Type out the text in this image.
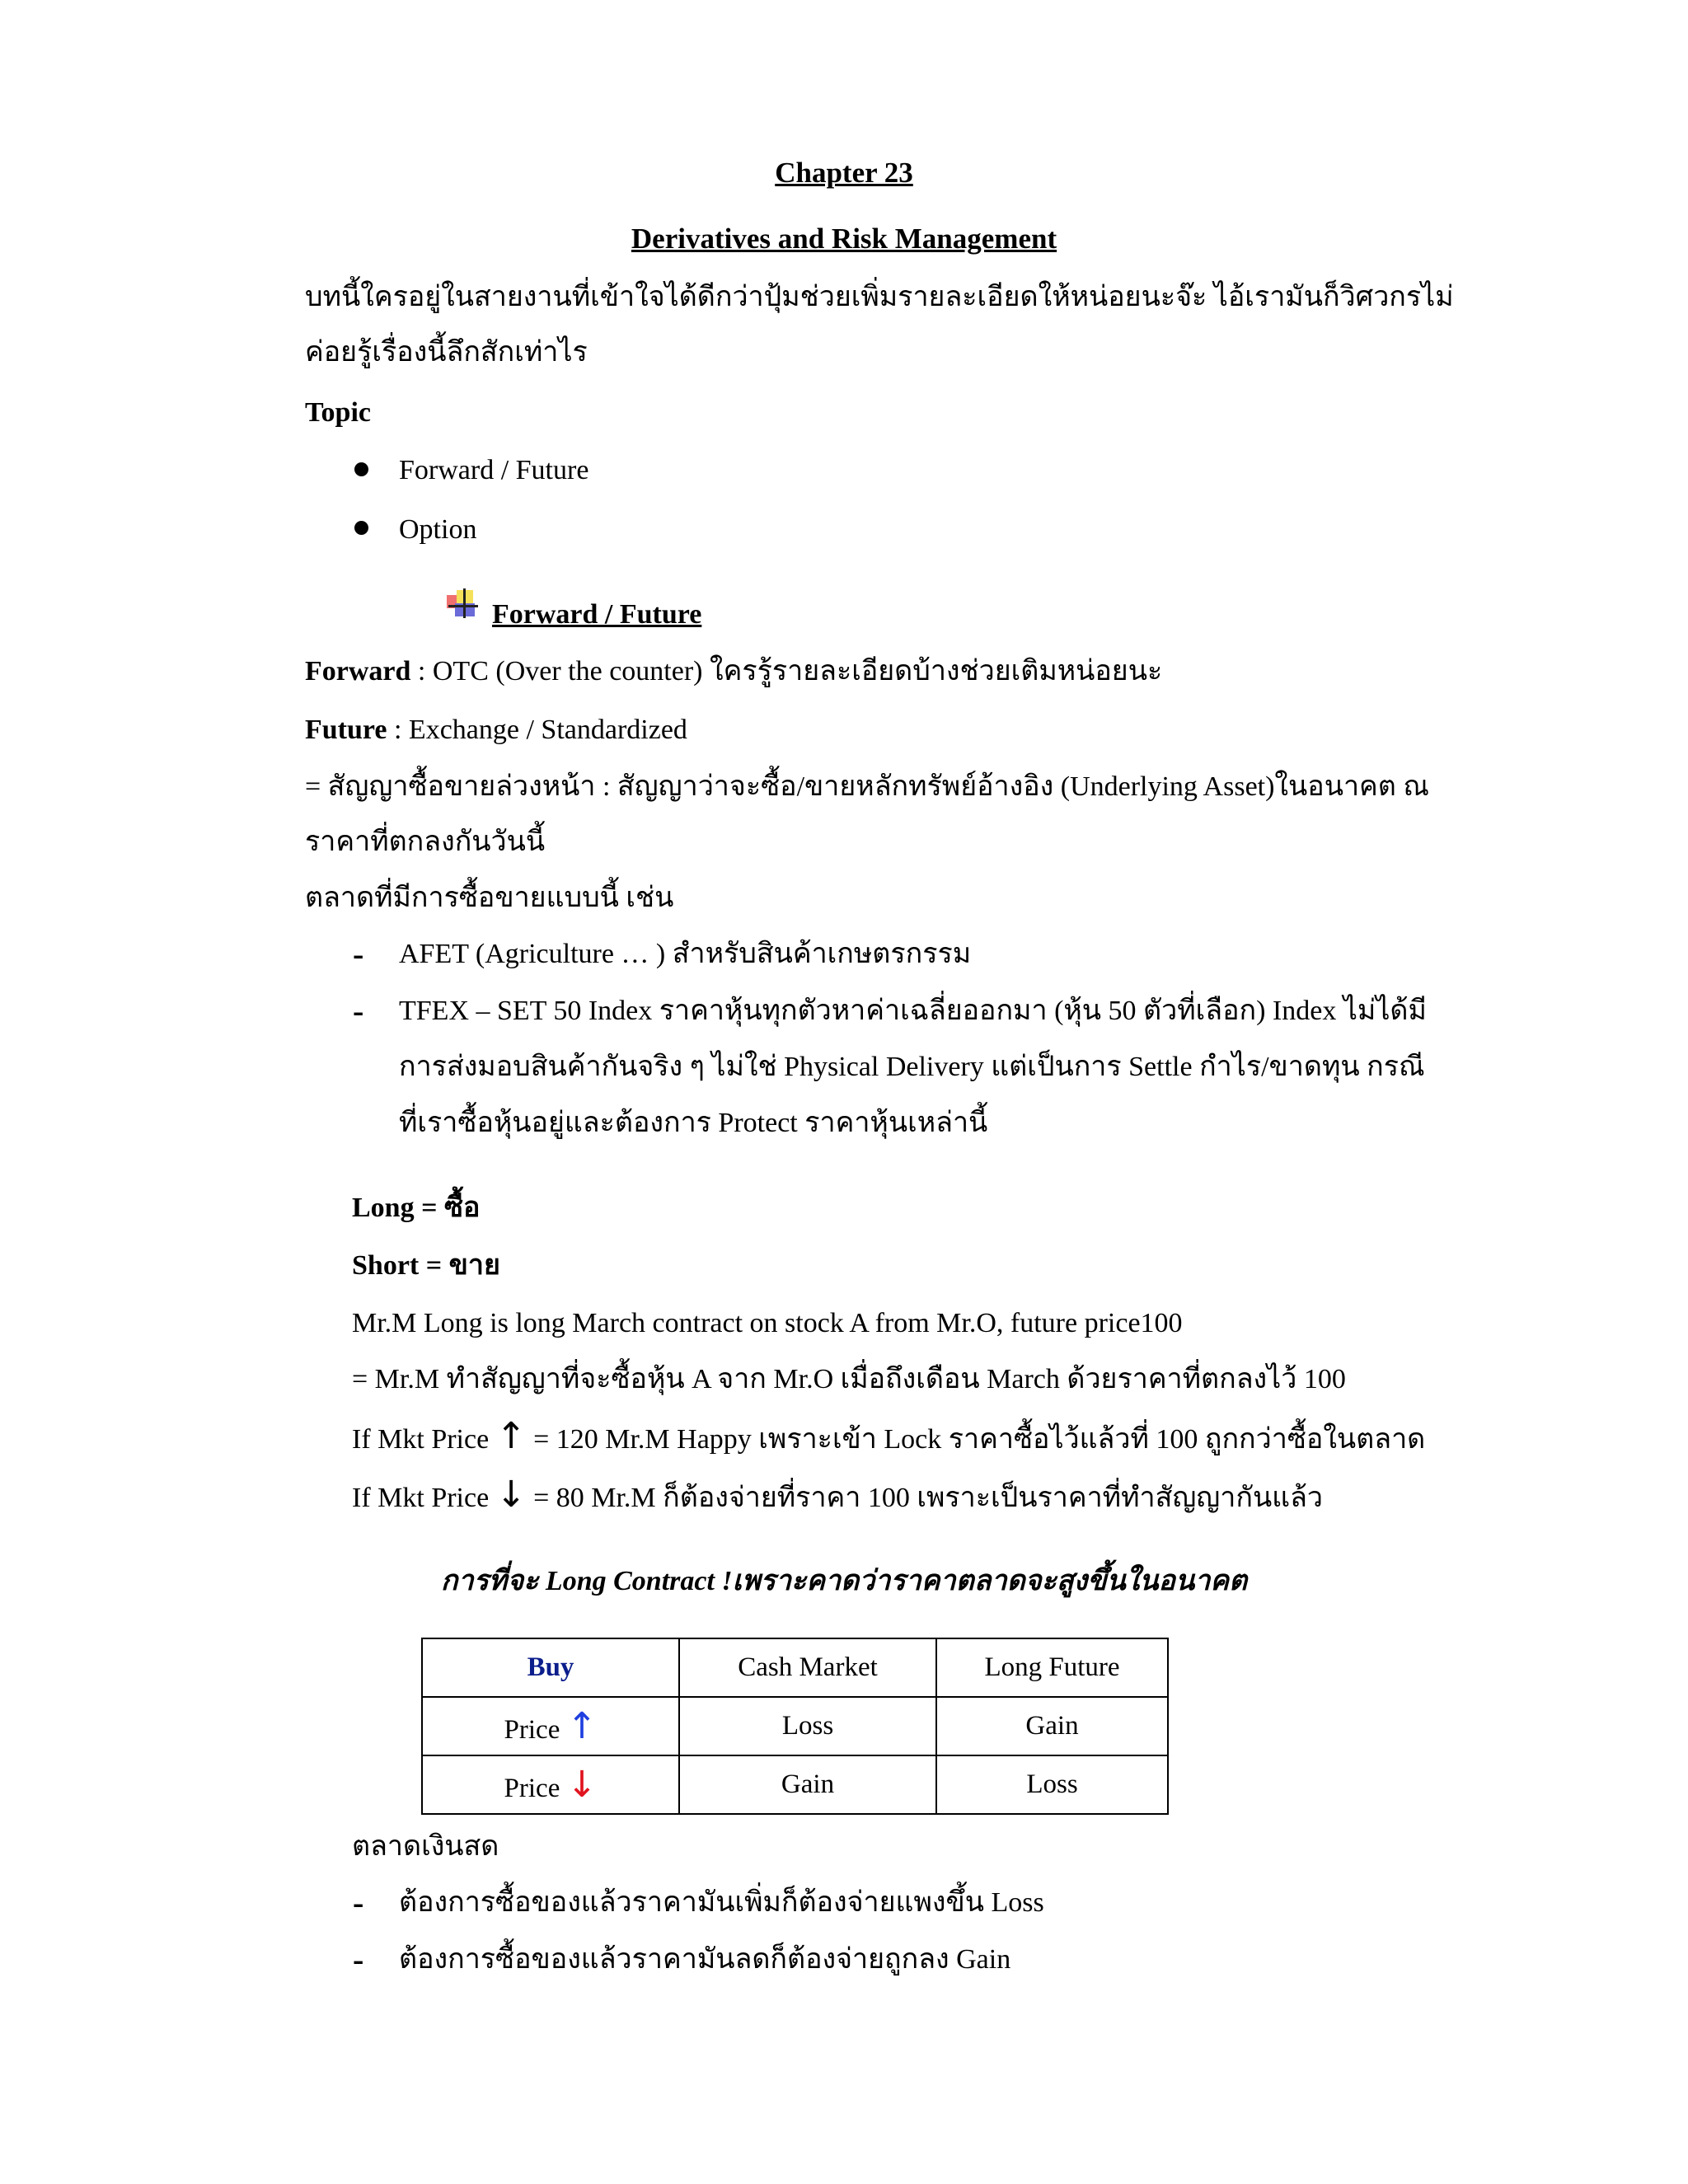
Chapter 23
Derivatives and Risk Management
บทนี้ใครอยู่ในสายงานที่เข้าใจได้ดีกว่าปุ้มช่วยเพิ่มรายละเอียดให้หน่อยนะจ๊ะ ไอ้เรามันก็วิศวกรไม่
ค่อยรู้เรื่องนี้ลึกสักเท่าไร
Topic
Forward / Future
Option
Forward / Future
Forward : OTC (Over the counter) ใครรู้รายละเอียดบ้างช่วยเติมหน่อยนะ
Future : Exchange / Standardized
= สัญญาซื้อขายล่วงหน้า : สัญญาว่าจะซื้อ/ขายหลักทรัพย์อ้างอิง (Underlying Asset)ในอนาคต ณ
ราคาที่ตกลงกันวันนี้
ตลาดที่มีการซื้อขายแบบนี้ เช่น
- AFET (Agriculture … ) สำหรับสินค้าเกษตรกรรม
- TFEX – SET 50 Index ราคาหุ้นทุกตัวหาค่าเฉลี่ยออกมา (หุ้น 50 ตัวที่เลือก) Index ไม่ได้มี
การส่งมอบสินค้ากันจริง ๆ ไม่ใช่ Physical Delivery แต่เป็นการ Settle กำไร/ขาดทุน กรณี
ที่เราซื้อหุ้นอยู่และต้องการ Protect ราคาหุ้นเหล่านี้
Long = ซื้อ
Short = ขาย
Mr.M Long is long March contract on stock A from Mr.O, future price100
= Mr.M ทำสัญญาที่จะซื้อหุ้น A จาก Mr.O เมื่อถึงเดือน March ด้วยราคาที่ตกลงไว้ 100
If Mkt Price ↑ = 120 Mr.M Happy เพราะเข้า Lock ราคาซื้อไว้แล้วที่ 100 ถูกกว่าซื้อในตลาด
If Mkt Price ↓ = 80 Mr.M ก็ต้องจ่ายที่ราคา 100 เพราะเป็นราคาที่ทำสัญญากันแล้ว
การที่จะ Long Contract !เพราะคาดว่าราคาตลาดจะสูงขึ้นในอนาคต
Buy	Cash Market	Long Future
Price ↑	Loss	Gain
Price ↓	Gain	Loss
ตลาดเงินสด
- ต้องการซื้อของแล้วราคามันเพิ่มก็ต้องจ่ายแพงขึ้น Loss
- ต้องการซื้อของแล้วราคามันลดก็ต้องจ่ายถูกลง Gain
